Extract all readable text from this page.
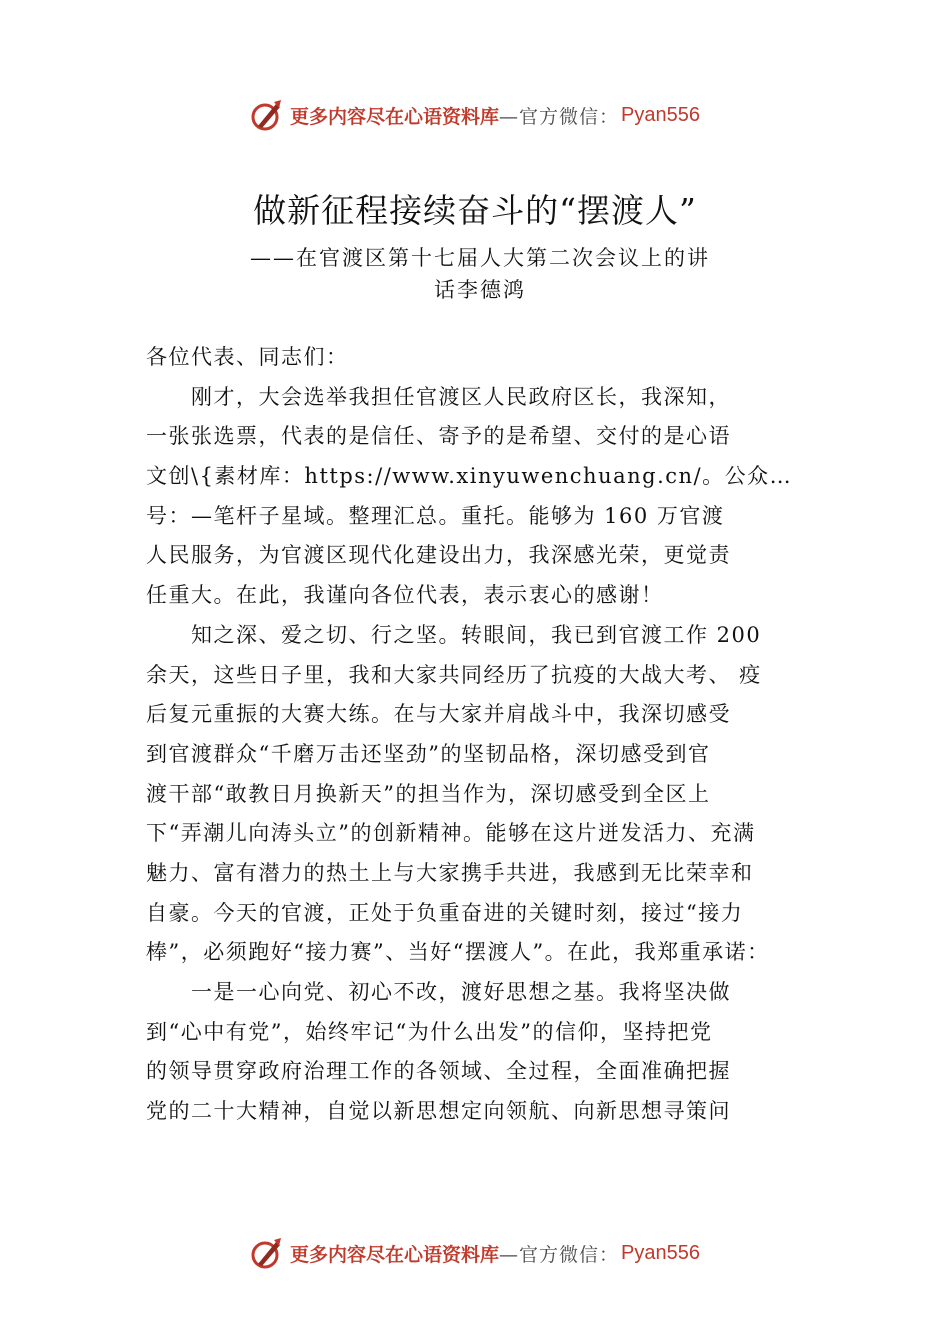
更多内容尽在心语资料库 —官方微信： Pyan556
做新征程接续奋斗的“摆渡人”
——在官渡区第十七届人大第二次会议上的讲
话李德鸿
各位代表、同志们：
　　刚才，大会选举我担任官渡区人民政府区长，我深知，
一张张选票，代表的是信任、寄予的是希望、交付的是心语
文创\{素材库：https://www.xinyuwenchuang.cn/。公众…
号：—笔杆子星域。整理汇总。重托。能够为 160 万官渡
人民服务，为官渡区现代化建设出力，我深感光荣，更觉责
任重大。在此，我谨向各位代表，表示衷心的感谢！
　　知之深、爱之切、行之坚。转眼间，我已到官渡工作 200
余天，这些日子里，我和大家共同经历了抗疫的大战大考、 疫
后复元重振的大赛大练。在与大家并肩战斗中，我深切感受
到官渡群众“千磨万击还坚劲”的坚韧品格，深切感受到官
渡干部“敢教日月换新天”的担当作为，深切感受到全区上
下“弄潮儿向涛头立”的创新精神。能够在这片迸发活力、充满
魅力、富有潜力的热土上与大家携手共进，我感到无比荣幸和
自豪。今天的官渡，正处于负重奋进的关键时刻，接过“接力
棒”，必须跑好“接力赛”、当好“摆渡人”。在此，我郑重承诺：
　　一是一心向党、初心不改，渡好思想之基。我将坚决做
到“心中有党”，始终牢记“为什么出发”的信仰，坚持把党
的领导贯穿政府治理工作的各领域、全过程，全面准确把握
党的二十大精神，自觉以新思想定向领航、向新思想寻策问
更多内容尽在心语资料库 —官方微信： Pyan556
